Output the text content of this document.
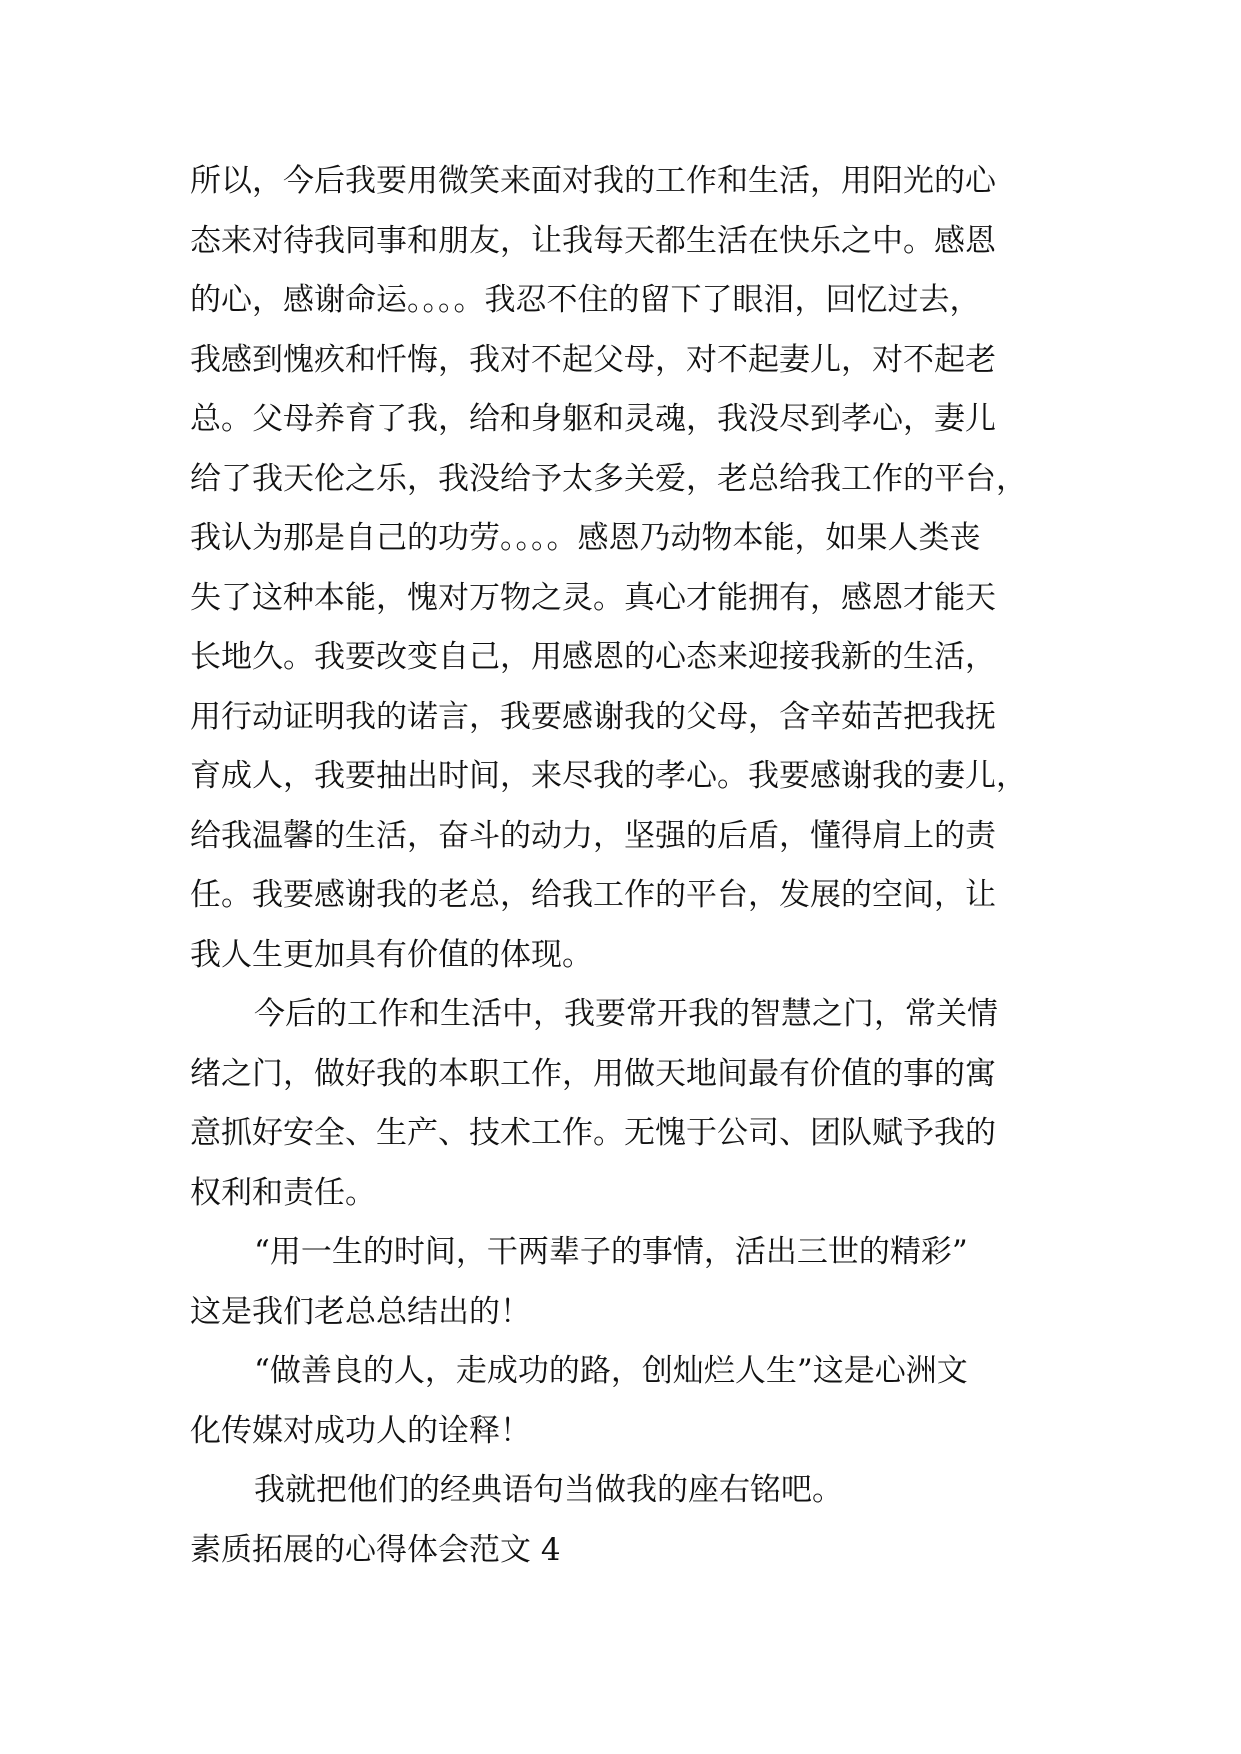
所以，今后我要用微笑来面对我的工作和生活，用阳光的心
态来对待我同事和朋友，让我每天都生活在快乐之中。感恩
的心，感谢命运。。。。我忍不住的留下了眼泪，回忆过去，
我感到愧疚和忏悔，我对不起父母，对不起妻儿，对不起老
总。父母养育了我，给和身躯和灵魂，我没尽到孝心，妻儿
给了我天伦之乐，我没给予太多关爱，老总给我工作的平台，
我认为那是自己的功劳。。。。感恩乃动物本能，如果人类丧
失了这种本能，愧对万物之灵。真心才能拥有，感恩才能天
长地久。我要改变自己，用感恩的心态来迎接我新的生活，
用行动证明我的诺言，我要感谢我的父母，含辛茹苦把我抚
育成人，我要抽出时间，来尽我的孝心。我要感谢我的妻儿，
给我温馨的生活，奋斗的动力，坚强的后盾，懂得肩上的责
任。我要感谢我的老总，给我工作的平台，发展的空间，让
我人生更加具有价值的体现。
今后的工作和生活中，我要常开我的智慧之门，常关情
绪之门，做好我的本职工作，用做天地间最有价值的事的寓
意抓好安全、生产、技术工作。无愧于公司、团队赋予我的
权利和责任。
“用一生的时间，干两辈子的事情，活出三世的精彩”
这是我们老总总结出的！
“做善良的人，走成功的路，创灿烂人生”这是心洲文
化传媒对成功人的诠释！
我就把他们的经典语句当做我的座右铭吧。
素质拓展的心得体会范文 4
